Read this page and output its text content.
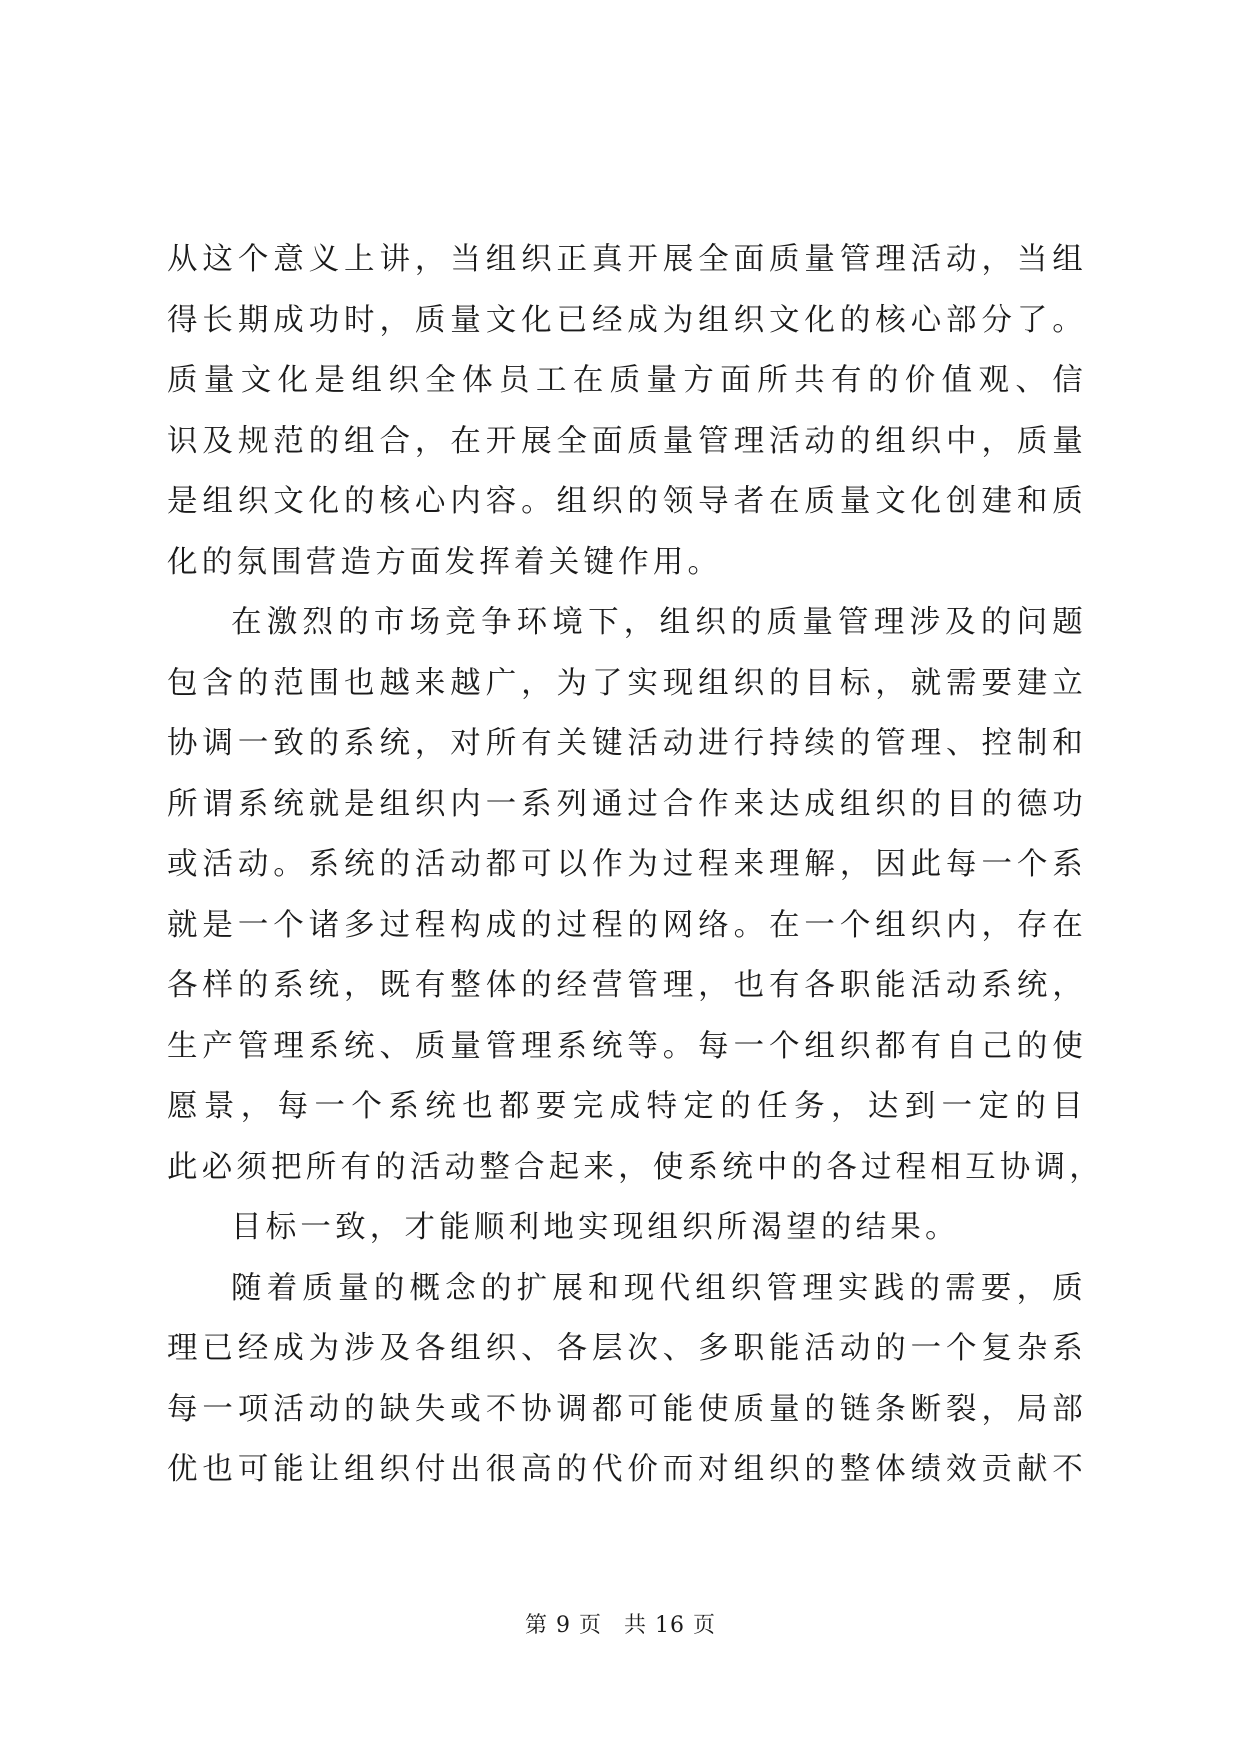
从这个意义上讲，当组织正真开展全面质量管理活动，当组
得长期成功时，质量文化已经成为组织文化的核心部分了。
质量文化是组织全体员工在质量方面所共有的价值观、信
识及规范的组合，在开展全面质量管理活动的组织中，质量
是组织文化的核心内容。组织的领导者在质量文化创建和质
化的氛围营造方面发挥着关键作用。
在激烈的市场竞争环境下，组织的质量管理涉及的问题
包含的范围也越来越广，为了实现组织的目标，就需要建立
协调一致的系统，对所有关键活动进行持续的管理、控制和
所谓系统就是组织内一系列通过合作来达成组织的目的德功
或活动。系统的活动都可以作为过程来理解，因此每一个系
就是一个诸多过程构成的过程的网络。在一个组织内，存在
各样的系统，既有整体的经营管理，也有各职能活动系统，
生产管理系统、质量管理系统等。每一个组织都有自己的使
愿景，每一个系统也都要完成特定的任务，达到一定的目
此必须把所有的活动整合起来，使系统中的各过程相互协调，
目标一致，才能顺利地实现组织所渴望的结果。
随着质量的概念的扩展和现代组织管理实践的需要，质
理已经成为涉及各组织、各层次、多职能活动的一个复杂系
每一项活动的缺失或不协调都可能使质量的链条断裂，局部
优也可能让组织付出很高的代价而对组织的整体绩效贡献不
第 9 页 共 16 页
